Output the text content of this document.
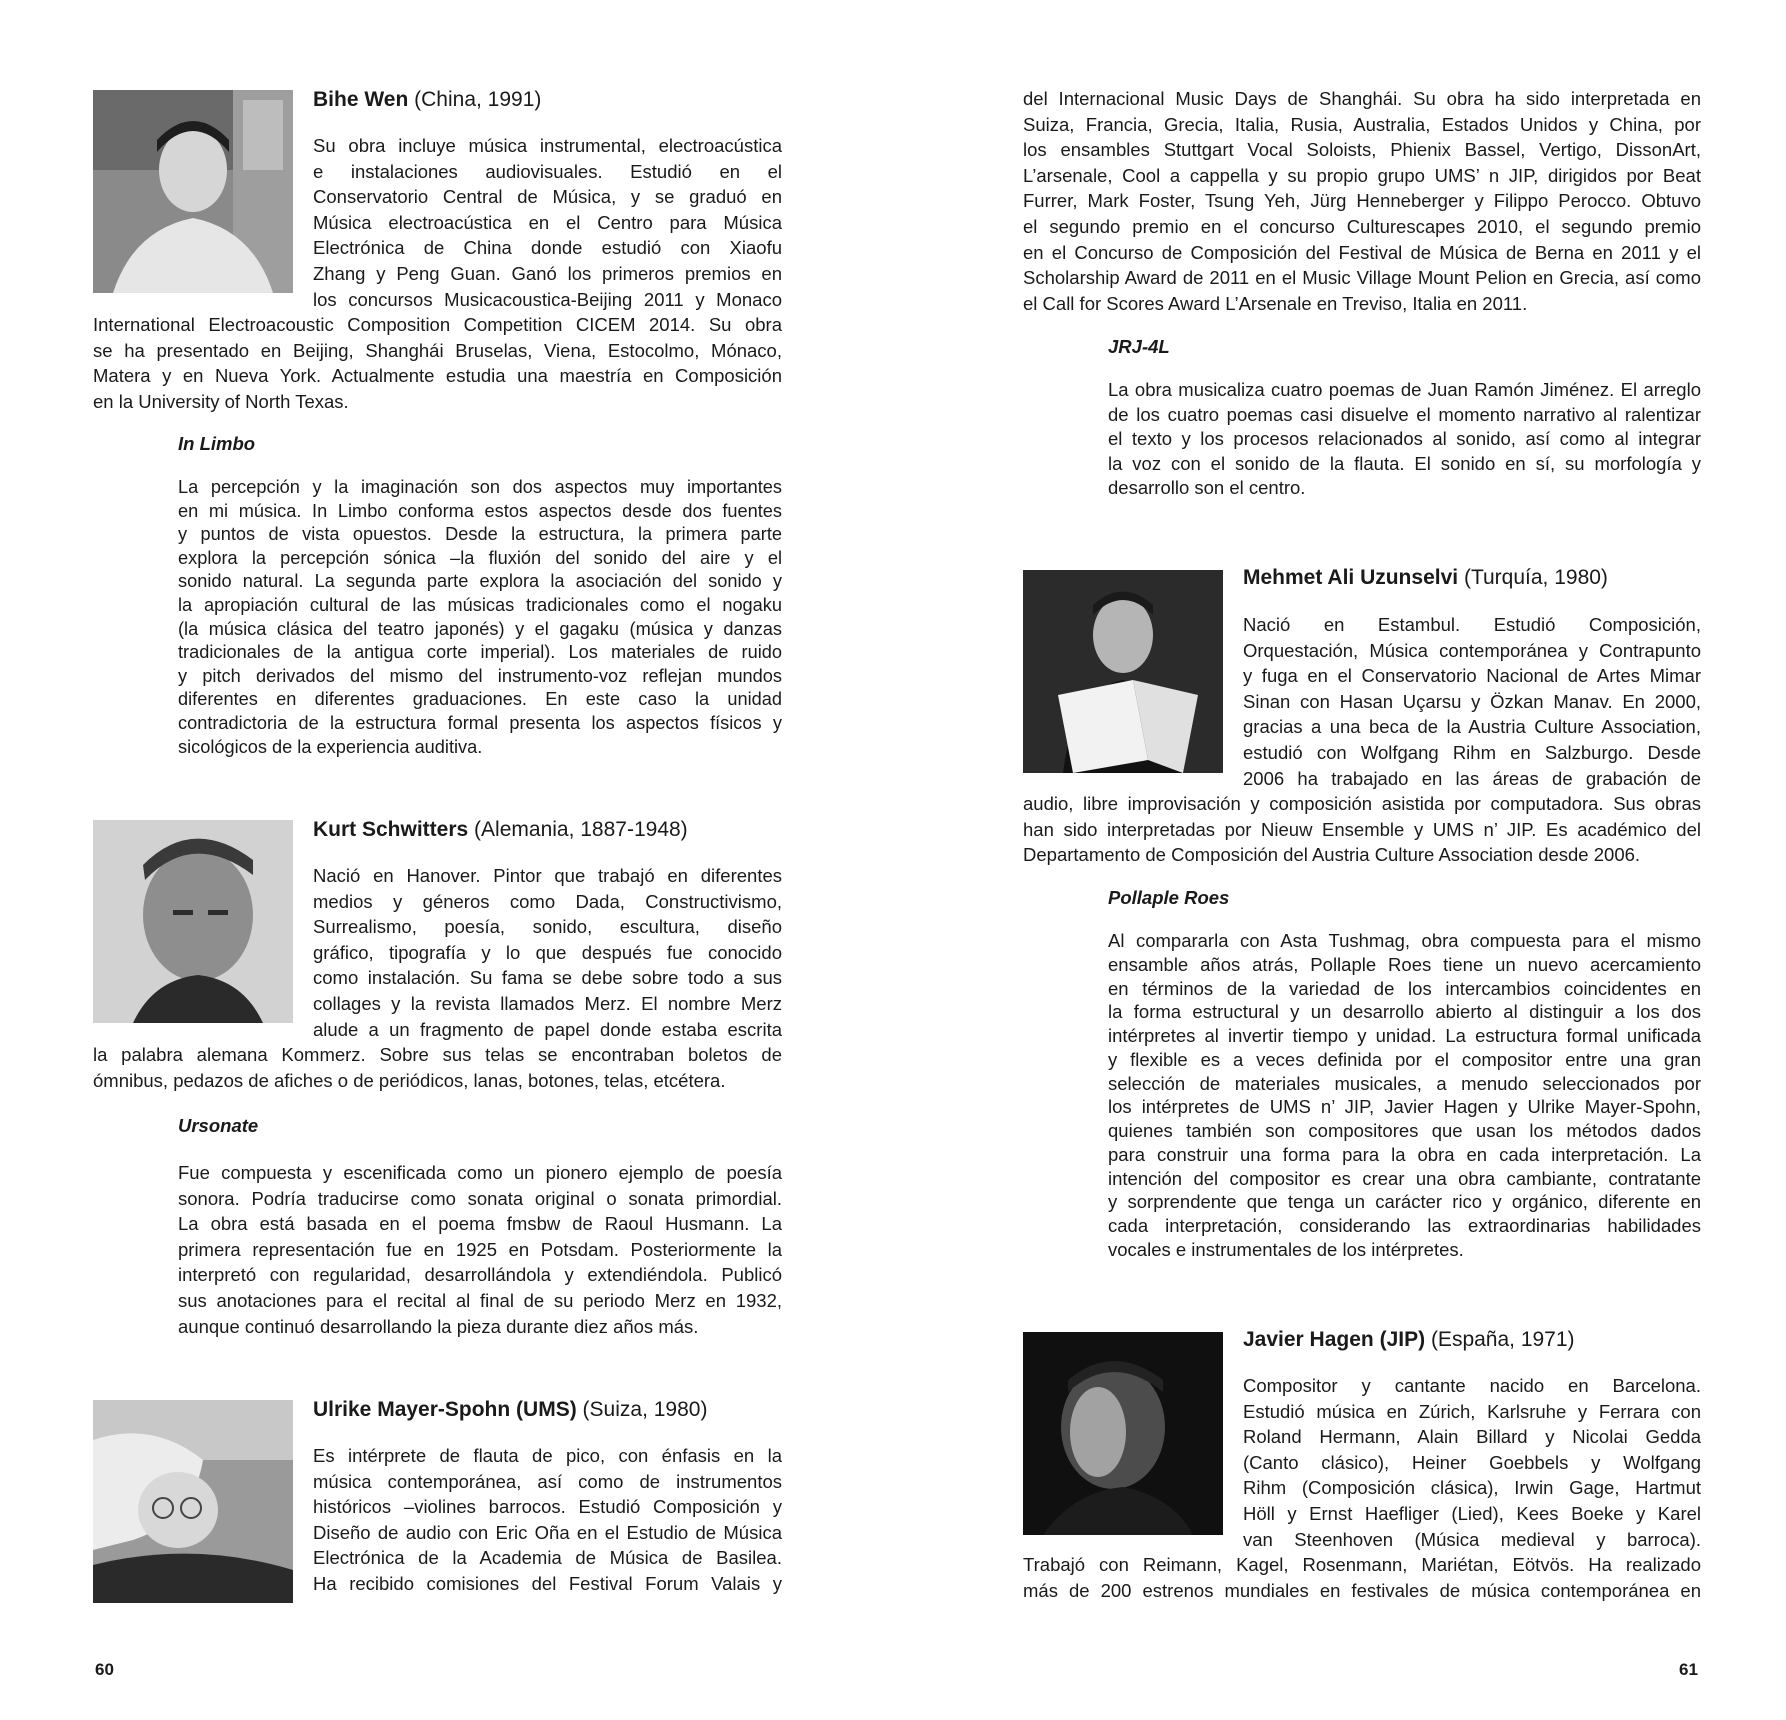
Bihe Wen (China, 1991)
Su obra incluye música instrumental, electroacústica
e instalaciones audiovisuales. Estudió en el
Conservatorio Central de Música, y se graduó en
Música electroacústica en el Centro para Música
Electrónica de China donde estudió con Xiaofu
Zhang y Peng Guan. Ganó los primeros premios en
los concursos Musicacoustica-Beijing 2011 y Monaco
International Electroacoustic Composition Competition CICEM 2014. Su obra
se ha presentado en Beijing, Shanghái Bruselas, Viena, Estocolmo, Mónaco,
Matera y en Nueva York. Actualmente estudia una maestría en Composición
en la University of North Texas.
In Limbo
La percepción y la imaginación son dos aspectos muy importantes
en mi música. In Limbo conforma estos aspectos desde dos fuentes
y puntos de vista opuestos. Desde la estructura, la primera parte
explora la percepción sónica –la fluxión del sonido del aire y el
sonido natural. La segunda parte explora la asociación del sonido y
la apropiación cultural de las músicas tradicionales como el nogaku
(la música clásica del teatro japonés) y el gagaku (música y danzas
tradicionales de la antigua corte imperial). Los materiales de ruido
y pitch derivados del mismo del instrumento-voz reflejan mundos
diferentes en diferentes graduaciones. En este caso la unidad
contradictoria de la estructura formal presenta los aspectos físicos y
sicológicos de la experiencia auditiva.
Kurt Schwitters (Alemania, 1887-1948)
Nació en Hanover. Pintor que trabajó en diferentes
medios y géneros como Dada, Constructivismo,
Surrealismo, poesía, sonido, escultura, diseño
gráfico, tipografía y lo que después fue conocido
como instalación. Su fama se debe sobre todo a sus
collages y la revista llamados Merz. El nombre Merz
alude a un fragmento de papel donde estaba escrita
la palabra alemana Kommerz. Sobre sus telas se encontraban boletos de
ómnibus, pedazos de afiches o de periódicos, lanas, botones, telas, etcétera.
Ursonate
Fue compuesta y escenificada como un pionero ejemplo de poesía
sonora. Podría traducirse como sonata original o sonata primordial.
La obra está basada en el poema fmsbw de Raoul Husmann. La
primera representación fue en 1925 en Potsdam. Posteriormente la
interpretó con regularidad, desarrollándola y extendiéndola. Publicó
sus anotaciones para el recital al final de su periodo Merz en 1932,
aunque continuó desarrollando la pieza durante diez años más.
Ulrike Mayer-Spohn (UMS) (Suiza, 1980)
Es intérprete de flauta de pico, con énfasis en la
música contemporánea, así como de instrumentos
históricos –violines barrocos. Estudió Composición y
Diseño de audio con Eric Oña en el Estudio de Música
Electrónica de la Academia de Música de Basilea.
Ha recibido comisiones del Festival Forum Valais y
60
del Internacional Music Days de Shanghái. Su obra ha sido interpretada en
Suiza, Francia, Grecia, Italia, Rusia, Australia, Estados Unidos y China, por
los ensambles Stuttgart Vocal Soloists, Phienix Bassel, Vertigo, DissonArt,
L’arsenale, Cool a cappella y su propio grupo UMS’ n JIP, dirigidos por Beat
Furrer, Mark Foster, Tsung Yeh, Jürg Henneberger y Filippo Perocco. Obtuvo
el segundo premio en el concurso Culturescapes 2010, el segundo premio
en el Concurso de Composición del Festival de Música de Berna en 2011 y el
Scholarship Award de 2011 en el Music Village Mount Pelion en Grecia, así como
el Call for Scores Award L’Arsenale en Treviso, Italia en 2011.
JRJ-4L
La obra musicaliza cuatro poemas de Juan Ramón Jiménez. El arreglo
de los cuatro poemas casi disuelve el momento narrativo al ralentizar
el texto y los procesos relacionados al sonido, así como al integrar
la voz con el sonido de la flauta. El sonido en sí, su morfología y
desarrollo son el centro.
Mehmet Ali Uzunselvi (Turquía, 1980)
Nació en Estambul. Estudió Composición,
Orquestación, Música contemporánea y Contrapunto
y fuga en el Conservatorio Nacional de Artes Mimar
Sinan con Hasan Uçarsu y Özkan Manav. En 2000,
gracias a una beca de la Austria Culture Association,
estudió con Wolfgang Rihm en Salzburgo. Desde
2006 ha trabajado en las áreas de grabación de
audio, libre improvisación y composición asistida por computadora. Sus obras
han sido interpretadas por Nieuw Ensemble y UMS n’ JIP. Es académico del
Departamento de Composición del Austria Culture Association desde 2006.
Pollaple Roes
Al compararla con Asta Tushmag, obra compuesta para el mismo
ensamble años atrás, Pollaple Roes tiene un nuevo acercamiento
en términos de la variedad de los intercambios coincidentes en
la forma estructural y un desarrollo abierto al distinguir a los dos
intérpretes al invertir tiempo y unidad. La estructura formal unificada
y flexible es a veces definida por el compositor entre una gran
selección de materiales musicales, a menudo seleccionados por
los intérpretes de UMS n’ JIP, Javier Hagen y Ulrike Mayer-Spohn,
quienes también son compositores que usan los métodos dados
para construir una forma para la obra en cada interpretación. La
intención del compositor es crear una obra cambiante, contratante
y sorprendente que tenga un carácter rico y orgánico, diferente en
cada interpretación, considerando las extraordinarias habilidades
vocales e instrumentales de los intérpretes.
Javier Hagen (JIP) (España, 1971)
Compositor y cantante nacido en Barcelona.
Estudió música en Zúrich, Karlsruhe y Ferrara con
Roland Hermann, Alain Billard y Nicolai Gedda
(Canto clásico), Heiner Goebbels y Wolfgang
Rihm (Composición clásica), Irwin Gage, Hartmut
Höll y Ernst Haefliger (Lied), Kees Boeke y Karel
van Steenhoven (Música medieval y barroca).
Trabajó con Reimann, Kagel, Rosenmann, Mariétan, Eötvös. Ha realizado
más de 200 estrenos mundiales en festivales de música contemporánea en
61
